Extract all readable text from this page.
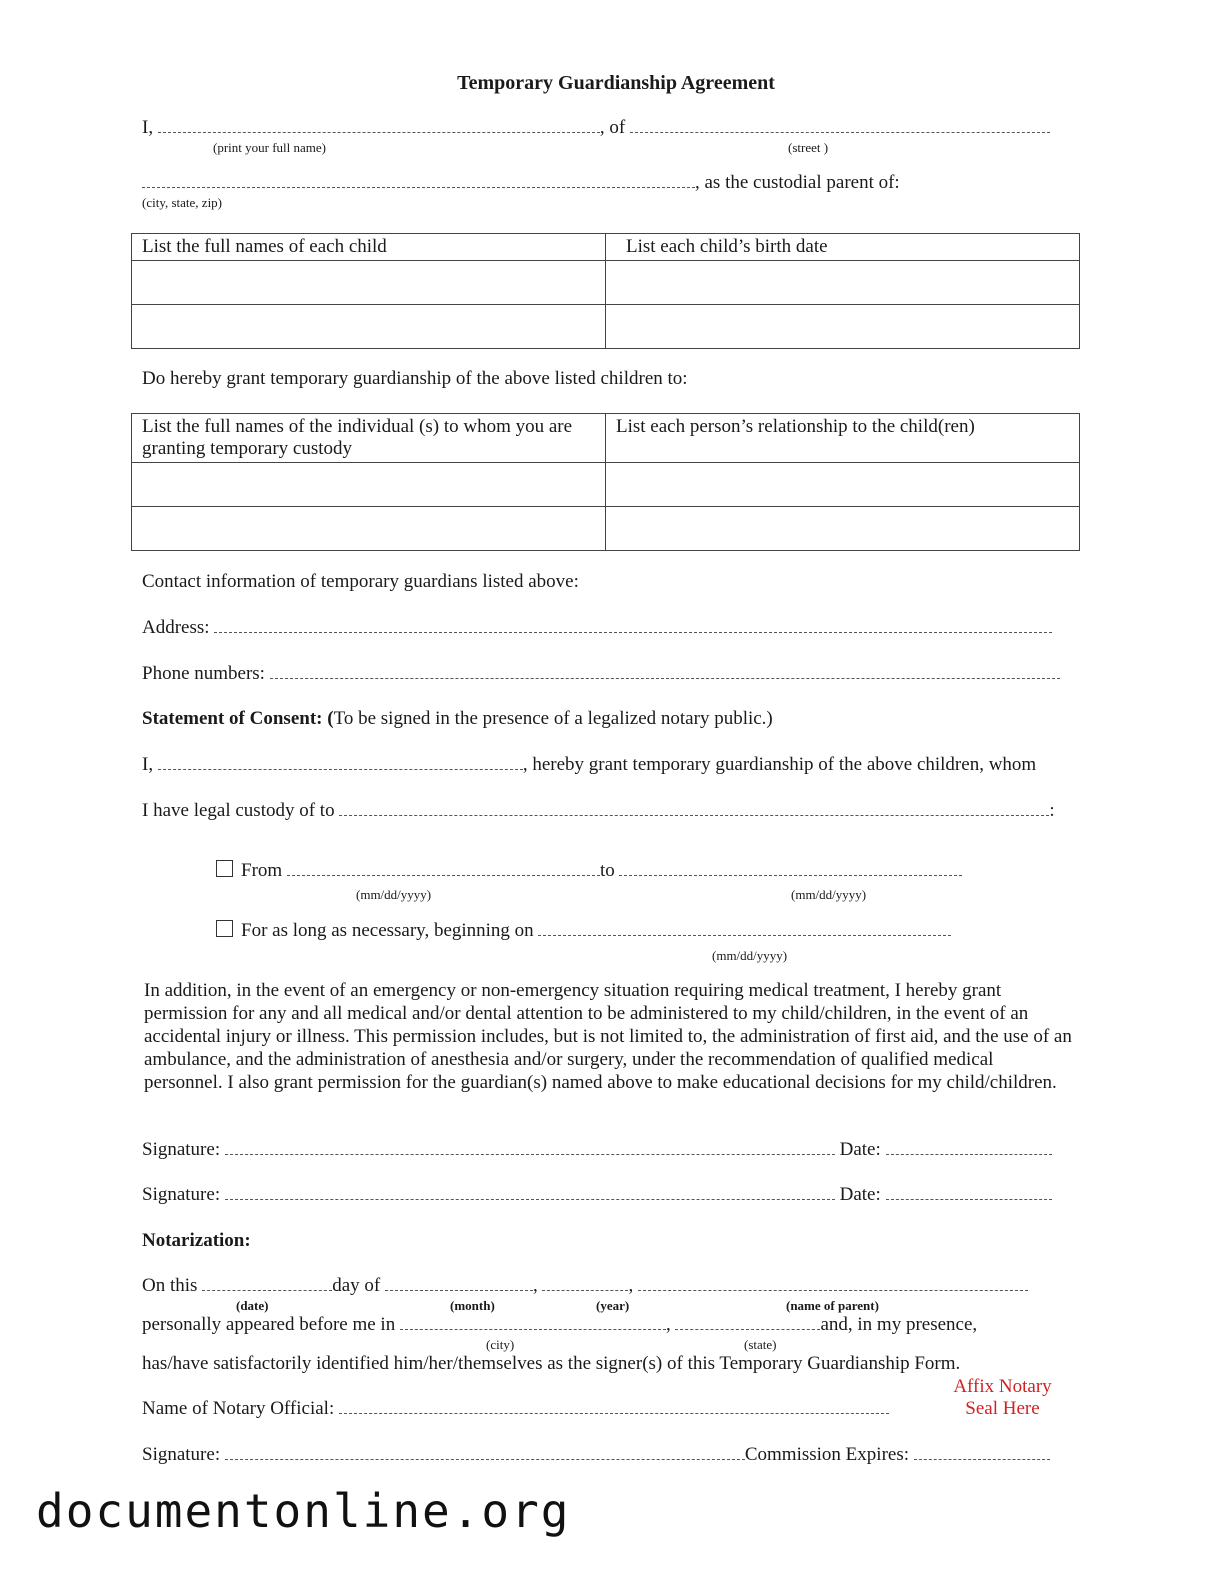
Temporary Guardianship Agreement
I,	, of
(print your full name)	(street )
, as the custodial parent of:
(city, state, zip)
List the full names of each child	List each child’s birth date

Do hereby grant temporary guardianship of the above listed children to:
List the full names of the individual (s) to whom you are granting temporary custody	List each person’s relationship to the child(ren)

Contact information of temporary guardians listed above:
Address:
Phone numbers:
Statement of Consent: (To be signed in the presence of a legalized notary public.)
I,	, hereby grant temporary guardianship of the above children, whom
I have legal custody of to	:
From	to
(mm/dd/yyyy)	(mm/dd/yyyy)
For as long as necessary, beginning on
(mm/dd/yyyy)
In addition, in the event of an emergency or non-emergency situation requiring medical treatment, I hereby grant permission for any and all medical and/or dental attention to be administered to my child/children, in the event of an accidental injury or illness. This permission includes, but is not limited to, the administration of first aid, and the use of an ambulance, and the administration of anesthesia and/or surgery, under the recommendation of qualified medical personnel. I also grant permission for the guardian(s) named above to make educational decisions for my child/children.
Signature:	Date:
Signature:	Date:
Notarization:
On this	day of	,	,
(date)	(month)	(year)	(name of parent)
personally appeared before me in	,	and, in my presence,
(city)	(state)
has/have satisfactorily identified him/her/themselves as the signer(s) of this Temporary Guardianship Form.
Affix Notary
Seal Here
Name of Notary Official:
Signature:	Commission Expires:
documentonline.org
